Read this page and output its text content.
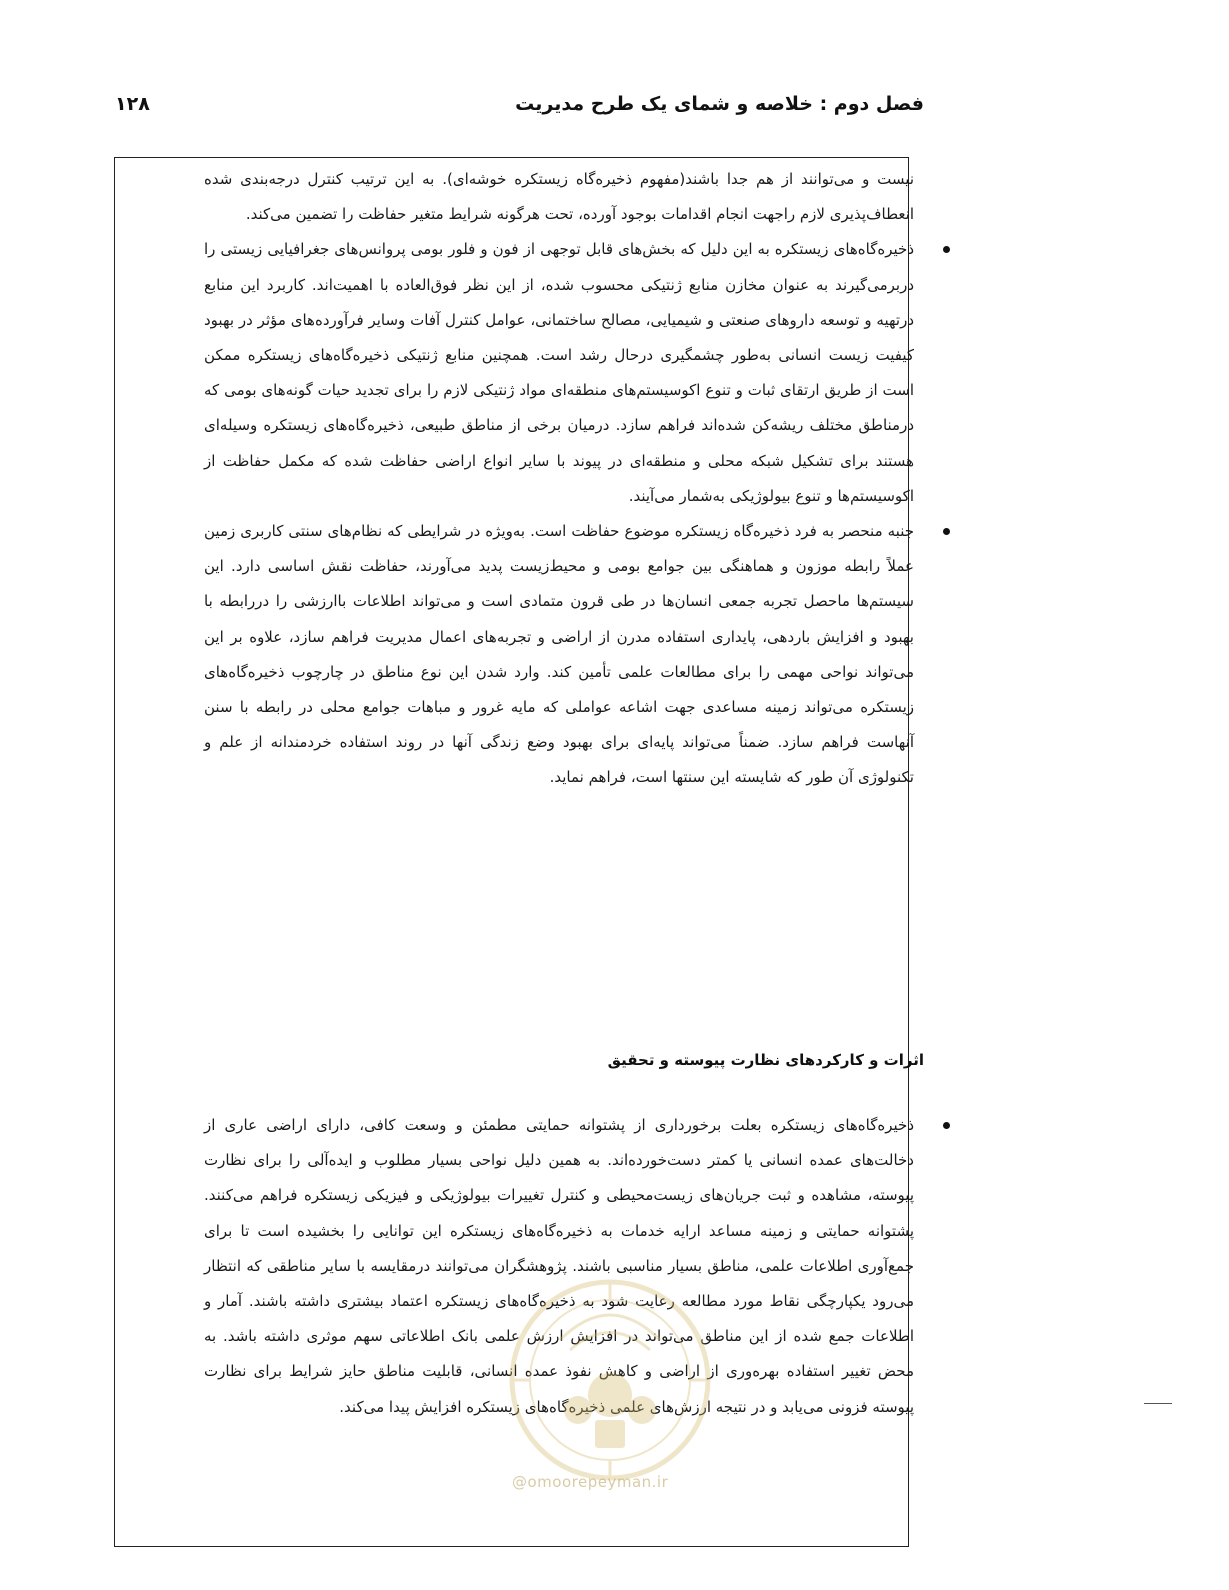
فصل دوم : خلاصه و شمای یک طرح مدیریت
۱۲۸

نیست و می‌توانند از هم جدا باشند(مفهوم ذخیره‌گاه زیستکره خوشه‌ای). به این ترتیب کنترل درجه‌بندی شده انعطاف‌پذیری لازم راجهت انجام اقدامات بوجود آورده، تحت هرگونه شرایط متغیر حفاظت را تضمین می‌کند.

ذخیره‌گاه‌های زیستکره به این دلیل که بخش‌های قابل توجهی از فون و فلور بومی پروانس‌های جغرافیایی زیستی را دربرمی‌گیرند به عنوان مخازن منابع ژنتیکی محسوب شده، از این نظر فوق‌العاده با اهمیت‌اند. کاربرد این منابع درتهیه و توسعه داروهای صنعتی و شیمیایی، مصالح ساختمانی، عوامل کنترل آفات وسایر فرآورده‌های مؤثر در بهبود کیفیت زیست انسانی به‌طور چشمگیری درحال رشد است. همچنین منابع ژنتیکی ذخیره‌گاه‌های زیستکره ممکن است از طریق ارتقای ثبات و تنوع اکوسیستم‌های منطقه‌ای مواد ژنتیکی لازم را برای تجدید حیات گونه‌های بومی که درمناطق مختلف ریشه‌کن شده‌اند فراهم سازد. درمیان برخی از مناطق طبیعی، ذخیره‌گاه‌های زیستکره وسیله‌ای هستند برای تشکیل شبکه محلی و منطقه‌ای در پیوند با سایر انواع اراضی حفاظت شده که مکمل حفاظت از اکوسیستم‌ها و تنوع بیولوژیکی به‌شمار می‌آیند.

جنبه منحصر به فرد ذخیره‌گاه زیستکره موضوع حفاظت است. به‌ویژه در شرایطی که نظام‌های سنتی کاربری زمین عملاً رابطه موزون و هماهنگی بین جوامع بومی و محیط‌زیست پدید می‌آورند، حفاظت نقش اساسی دارد. این سیستم‌ها ماحصل تجربه جمعی انسان‌ها در طی قرون متمادی است و می‌تواند اطلاعات باارزشی را دررابطه با بهبود و افزایش باردهی، پایداری استفاده مدرن از اراضی و تجربه‌های اعمال مدیریت فراهم سازد، علاوه بر این می‌تواند نواحی مهمی را برای مطالعات علمی تأمین کند. وارد شدن این نوع مناطق در چارچوب ذخیره‌گاه‌های زیستکره می‌تواند زمینه مساعدی جهت اشاعه عواملی که مایه غرور و مباهات جوامع محلی در رابطه با سنن آنهاست فراهم سازد. ضمناً می‌تواند پایه‌ای برای بهبود وضع زندگی آنها در روند استفاده خردمندانه از علم و تکنولوژی آن طور که شایسته این سنتها است، فراهم نماید.

اثرات و کارکردهای نظارت پیوسته و تحقیق

ذخیره‌گاه‌های زیستکره بعلت برخورداری از پشتوانه حمایتی مطمئن و وسعت کافی، دارای اراضی عاری از دخالت‌های عمده انسانی یا کمتر دست‌خورده‌اند. به همین دلیل نواحی بسیار مطلوب و ایده‌آلی را برای نظارت پیوسته، مشاهده و ثبت جریان‌های زیست‌محیطی و کنترل تغییرات بیولوژیکی و فیزیکی زیستکره فراهم می‌کنند. پشتوانه حمایتی و زمینه مساعد ارایه خدمات به ذخیره‌گاه‌های زیستکره این توانایی را بخشیده است تا برای جمع‌آوری اطلاعات علمی، مناطق بسیار مناسبی باشند. پژوهشگران می‌توانند درمقایسه با سایر مناطقی که انتظار می‌رود یکپارچگی نقاط مورد مطالعه رعایت شود به ذخیره‌گاه‌های زیستکره اعتماد بیشتری داشته باشند. آمار و اطلاعات جمع شده از این مناطق می‌تواند در افزایش ارزش علمی بانک اطلاعاتی سهم موثری داشته باشد. به محض تغییر استفاده بهره‌وری از اراضی و کاهش نفوذ عمده انسانی، قابلیت مناطق حایز شرایط برای نظارت پیوسته فزونی می‌یابد و در نتیجه ارزش‌های علمی ذخیره‌گاه‌های زیستکره افزایش پیدا می‌کند.

@omoorepeyman.ir
